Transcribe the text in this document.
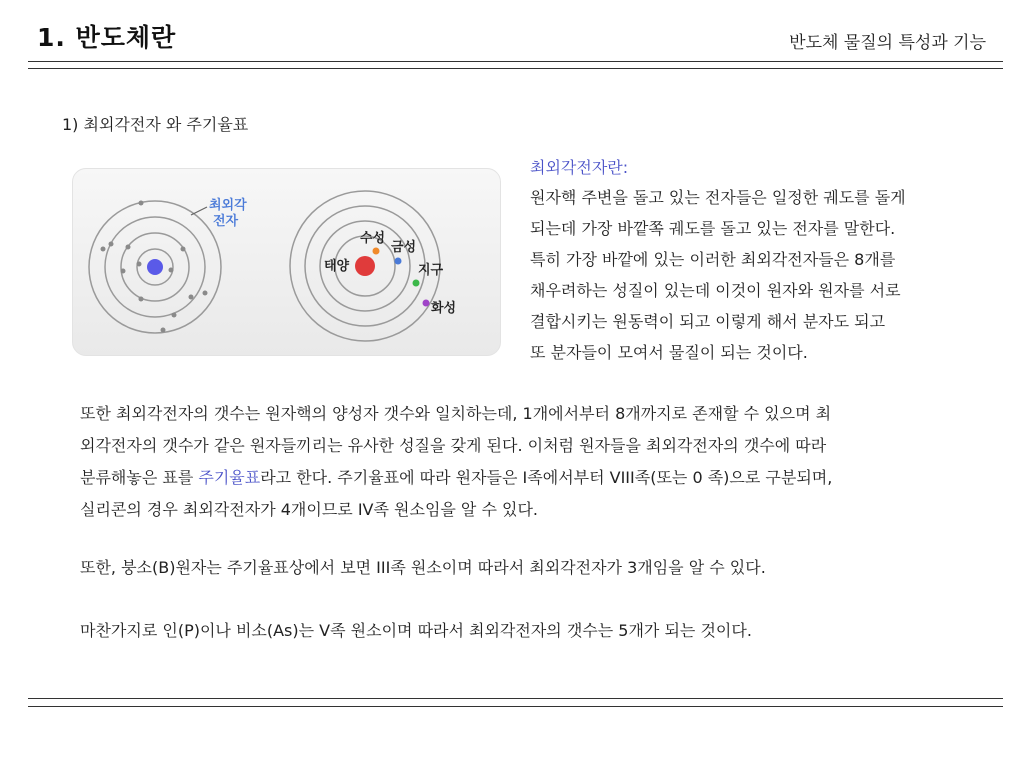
1. 반도체란	반도체 물질의 특성과 기능
1) 최외각전자 와 주기율표
최외각
전자
태양
수성
금성
지구
화성
최외각전자란:
원자핵 주변을 돌고 있는 전자들은 일정한 궤도를 돌게
되는데 가장 바깥쪽 궤도를 돌고 있는 전자를 말한다.
특히 가장 바깥에 있는 이러한 최외각전자들은 8개를
채우려하는 성질이 있는데 이것이 원자와 원자를 서로
결합시키는 원동력이 되고 이렇게 해서 분자도 되고
또 분자들이 모여서 물질이 되는 것이다.
또한 최외각전자의 갯수는 원자핵의 양성자 갯수와 일치하는데, 1개에서부터 8개까지로 존재할 수 있으며 최
외각전자의 갯수가 같은 원자들끼리는 유사한 성질을 갖게 된다. 이처럼 원자들을 최외각전자의 갯수에 따라
분류해놓은 표를 주기율표라고 한다. 주기율표에 따라 원자들은 I족에서부터 VIII족(또는 0 족)으로 구분되며,
실리콘의 경우 최외각전자가 4개이므로 IV족 원소임을 알 수 있다.
또한, 붕소(B)원자는 주기율표상에서 보면 III족 원소이며 따라서 최외각전자가 3개임을 알 수 있다.
마찬가지로 인(P)이나 비소(As)는 V족 원소이며 따라서 최외각전자의 갯수는 5개가 되는 것이다.
